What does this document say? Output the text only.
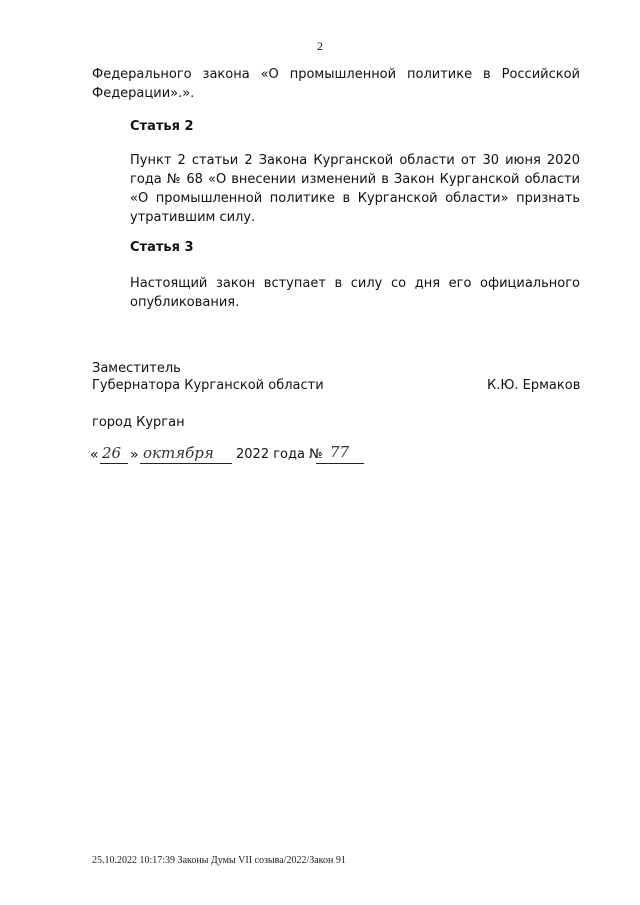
2
Федерального закона «О промышленной политике в Российской
Федерации».».
Статья 2
Пункт 2 статьи 2 Закона Курганской области от 30 июня 2020 года № 68 «О внесении изменений в Закон Курганской области «О промышленной политике в Курганской области» признать утратившим силу.
Статья 3
Настоящий закон вступает в силу со дня его официального опубликования.
Заместитель
Губернатора Курганской области	К.Ю. Ермаков
город Курган
« 26 » октября 2022 года № 77
25.10.2022 10:17:39 Законы Думы VII созыва/2022/Закон 91
